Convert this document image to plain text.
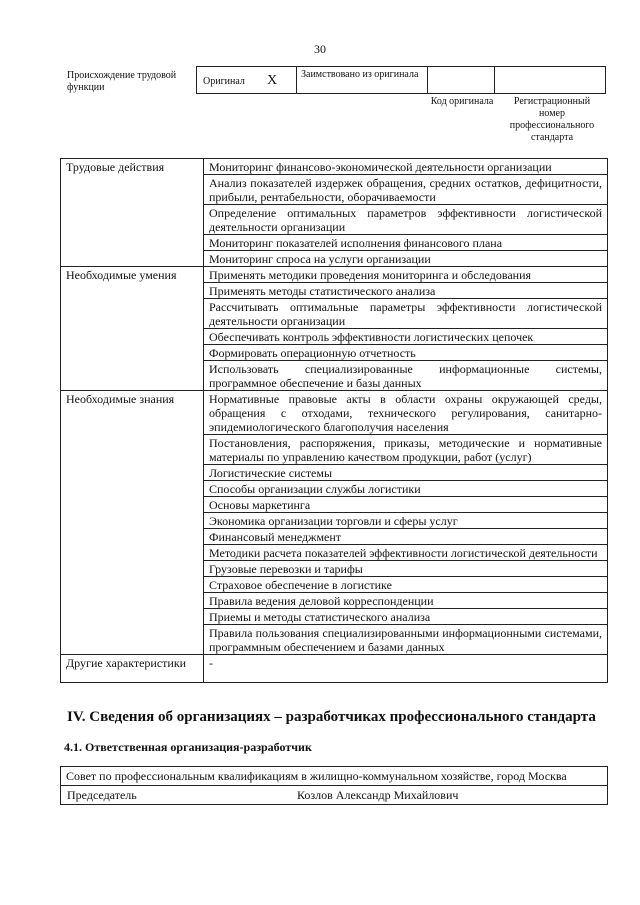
30
Происхождение трудовой функции
Оригинал X Заимствовано из оригинала
Код оригинала	Регистрационный номер профессионального стандарта
Трудовые действия	Мониторинг финансово-экономической деятельности организации
	Анализ показателей издержек обращения, средних остатков, дефицитности, прибыли, рентабельности, оборачиваемости
	Определение оптимальных параметров эффективности логистической деятельности организации
	Мониторинг показателей исполнения финансового плана
	Мониторинг спроса на услуги организации
Необходимые умения	Применять методики проведения мониторинга и обследования
	Применять методы статистического анализа
	Рассчитывать оптимальные параметры эффективности логистической деятельности организации
	Обеспечивать контроль эффективности логистических цепочек
	Формировать операционную отчетность
	Использовать специализированные информационные системы, программное обеспечение и базы данных
Необходимые знания	Нормативные правовые акты в области охраны окружающей среды, обращения с отходами, технического регулирования, санитарно-эпидемиологического благополучия населения
	Постановления, распоряжения, приказы, методические и нормативные материалы по управлению качеством продукции, работ (услуг)
	Логистические системы
	Способы организации службы логистики
	Основы маркетинга
	Экономика организации торговли и сферы услуг
	Финансовый менеджмент
	Методики расчета показателей эффективности логистической деятельности
	Грузовые перевозки и тарифы
	Страховое обеспечение в логистике
	Правила ведения деловой корреспонденции
	Приемы и методы статистического анализа
	Правила пользования специализированными информационными системами, программным обеспечением и базами данных
Другие характеристики	-
IV. Сведения об организациях – разработчиках профессионального стандарта
4.1. Ответственная организация-разработчик
Совет по профессиональным квалификациям в жилищно-коммунальном хозяйстве, город Москва

Председатель	Козлов Александр Михайлович
